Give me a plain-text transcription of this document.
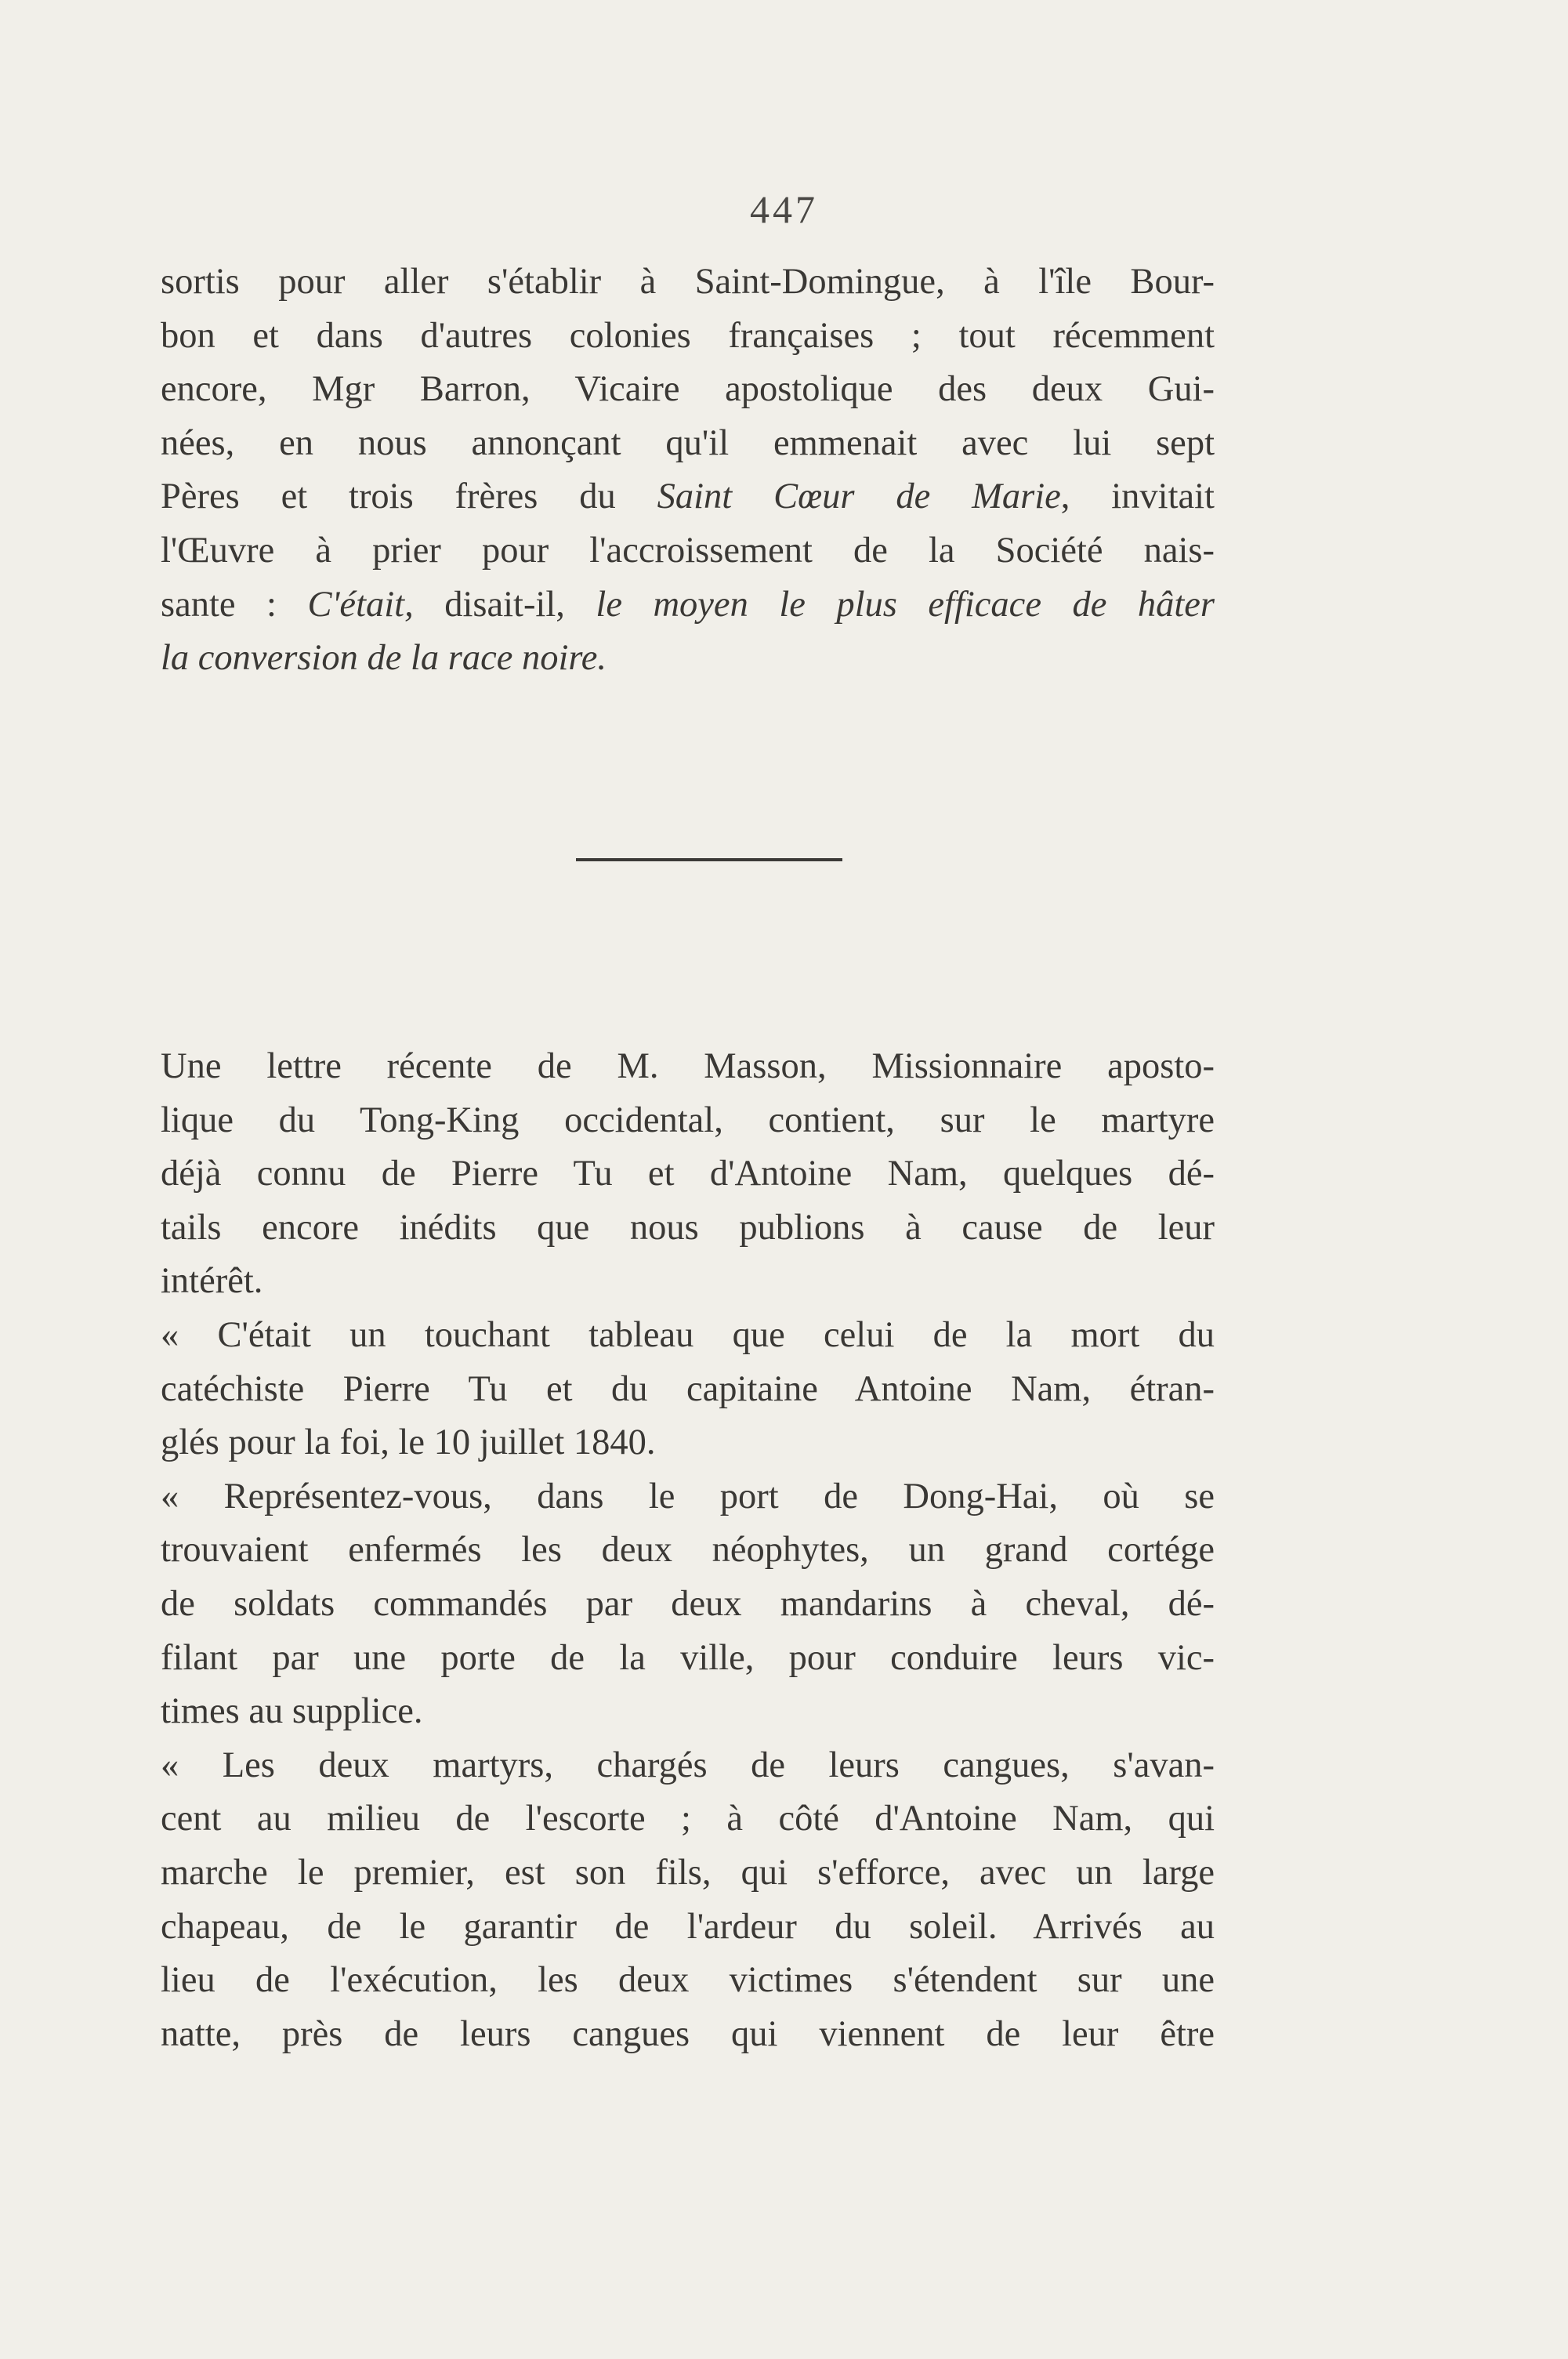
447
sortis pour aller s'établir à Saint-Domingue, à l'île Bour-
bon et dans d'autres colonies françaises ; tout récemment
encore, Mgr Barron, Vicaire apostolique des deux Gui-
nées, en nous annonçant qu'il emmenait avec lui sept
Pères et trois frères du Saint Cœur de Marie, invitait
l'Œuvre à prier pour l'accroissement de la Société nais-
sante : C'était, disait-il, le moyen le plus efficace de hâter
la conversion de la race noire.
Une lettre récente de M. Masson, Missionnaire aposto-
lique du Tong-King occidental, contient, sur le martyre
déjà connu de Pierre Tu et d'Antoine Nam, quelques dé-
tails encore inédits que nous publions à cause de leur
intérêt.
« C'était un touchant tableau que celui de la mort du
catéchiste Pierre Tu et du capitaine Antoine Nam, étran-
glés pour la foi, le 10 juillet 1840.
« Représentez-vous, dans le port de Dong-Hai, où se
trouvaient enfermés les deux néophytes, un grand cortége
de soldats commandés par deux mandarins à cheval, dé-
filant par une porte de la ville, pour conduire leurs vic-
times au supplice.
« Les deux martyrs, chargés de leurs cangues, s'avan-
cent au milieu de l'escorte ; à côté d'Antoine Nam, qui
marche le premier, est son fils, qui s'efforce, avec un large
chapeau, de le garantir de l'ardeur du soleil. Arrivés au
lieu de l'exécution, les deux victimes s'étendent sur une
natte, près de leurs cangues qui viennent de leur être
